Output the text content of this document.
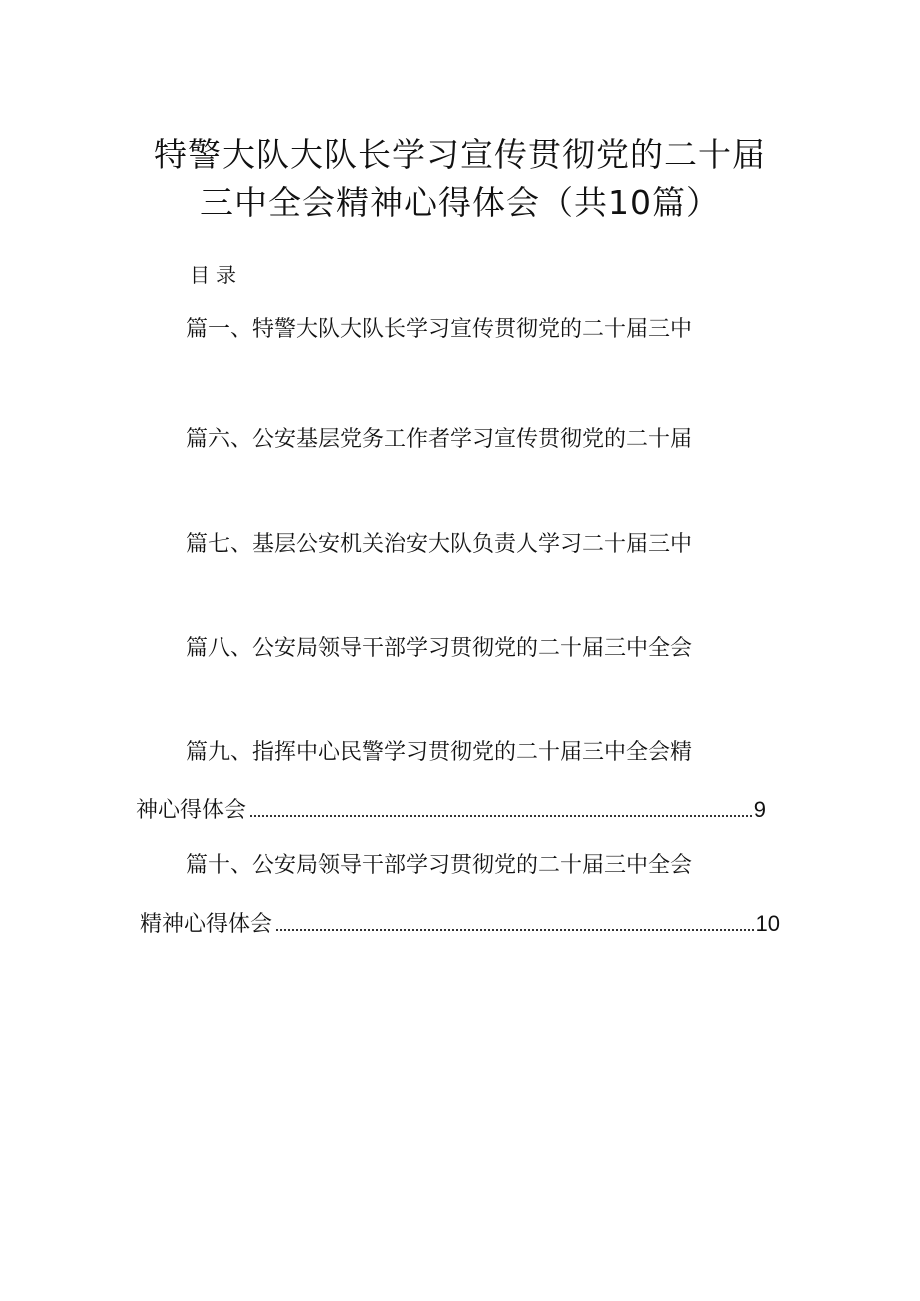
特警大队大队长学习宣传贯彻党的二十届
三中全会精神心得体会（共10篇）
目录
篇一、特警大队大队长学习宣传贯彻党的二十届三中
篇六、公安基层党务工作者学习宣传贯彻党的二十届
篇七、基层公安机关治安大队负责人学习二十届三中
篇八、公安局领导干部学习贯彻党的二十届三中全会
篇九、指挥中心民警学习贯彻党的二十届三中全会精
神心得体会	9
篇十、公安局领导干部学习贯彻党的二十届三中全会
精神心得体会	10
